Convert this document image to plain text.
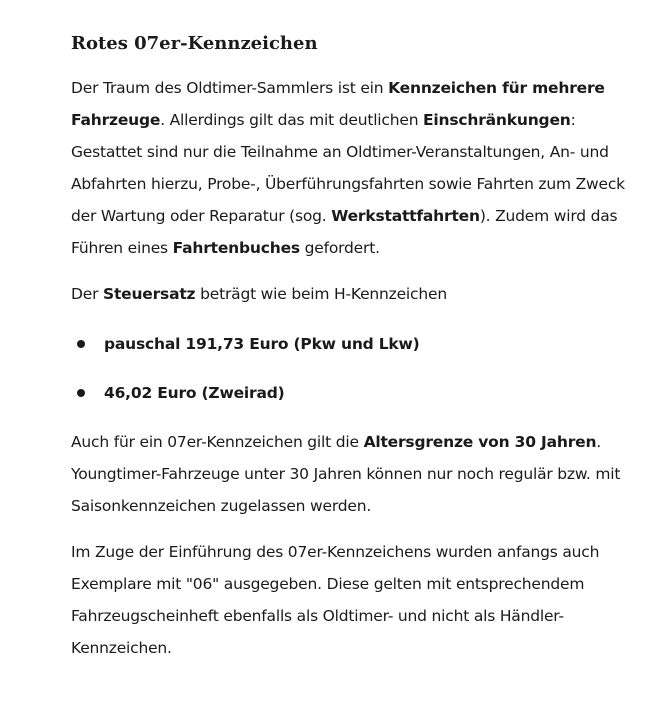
Rotes 07er-Kennzeichen

Der Traum des Oldtimer-Sammlers ist ein Kennzeichen für mehrere Fahrzeuge. Allerdings gilt das mit deutlichen Einschränkungen: Gestattet sind nur die Teilnahme an Oldtimer-Veranstaltungen, An- und Abfahrten hierzu, Probe-, Überführungsfahrten sowie Fahrten zum Zweck der Wartung oder Reparatur (sog. Werkstattfahrten). Zudem wird das Führen eines Fahrtenbuches gefordert.

Der Steuersatz beträgt wie beim H-Kennzeichen

pauschal 191,73 Euro (Pkw und Lkw)
46,02 Euro (Zweirad)

Auch für ein 07er-Kennzeichen gilt die Altersgrenze von 30 Jahren. Youngtimer-Fahrzeuge unter 30 Jahren können nur noch regulär bzw. mit Saisonkennzeichen zugelassen werden.

Im Zuge der Einführung des 07er-Kennzeichens wurden anfangs auch Exemplare mit "06" ausgegeben. Diese gelten mit entsprechendem Fahrzeugscheinheft ebenfalls als Oldtimer- und nicht als Händler-Kennzeichen.
